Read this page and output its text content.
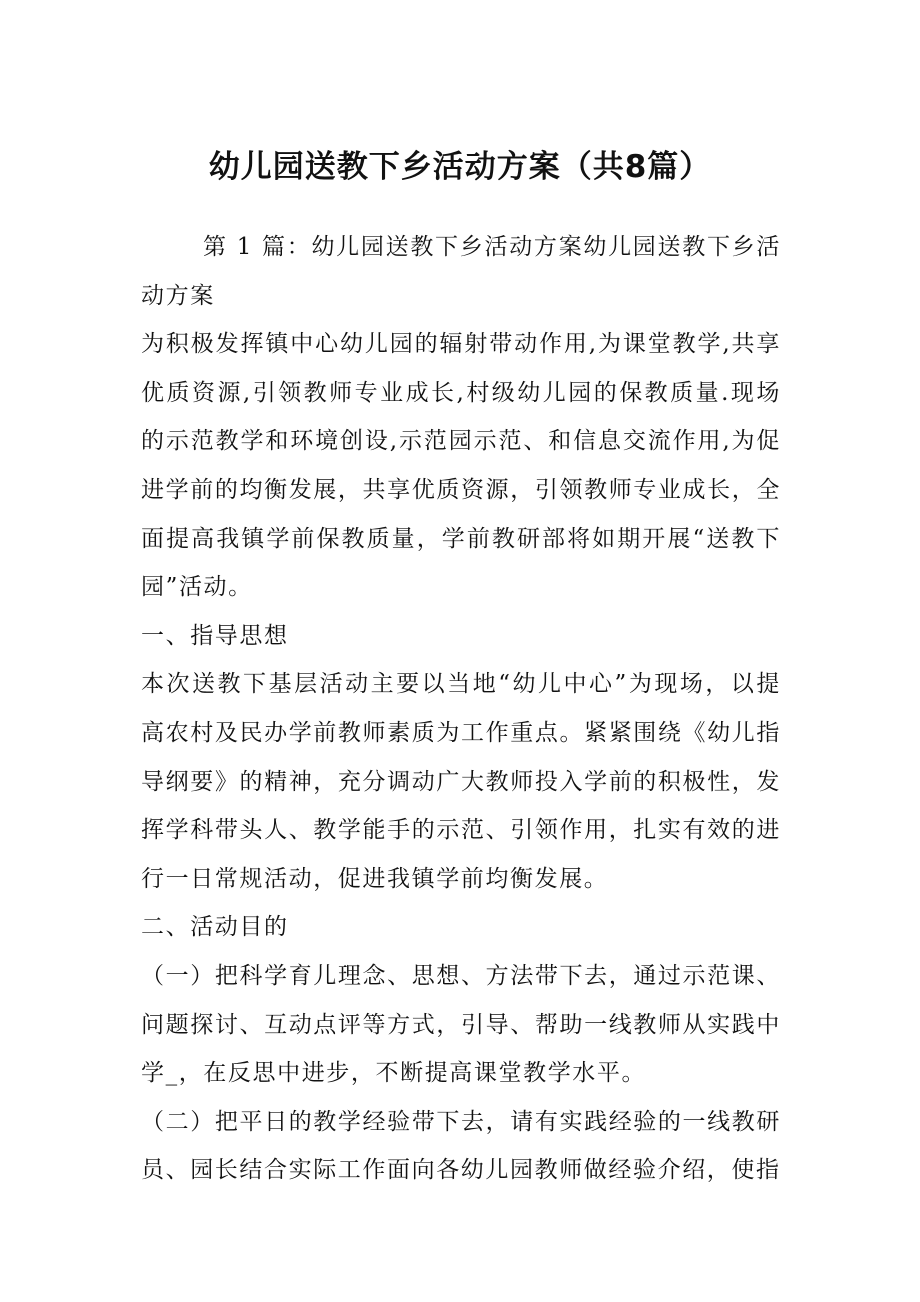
幼儿园送教下乡活动方案（共8篇）

第 1 篇：幼儿园送教下乡活动方案幼儿园送教下乡活动方案

为积极发挥镇中心幼儿园的辐射带动作用,为课堂教学,共享优质资源,引领教师专业成长,村级幼儿园的保教质量.现场的示范教学和环境创设,示范园示范、和信息交流作用,为促进学前的均衡发展，共享优质资源，引领教师专业成长，全面提高我镇学前保教质量，学前教研部将如期开展“送教下园”活动。

一、指导思想

本次送教下基层活动主要以当地“幼儿中心”为现场，以提高农村及民办学前教师素质为工作重点。紧紧围绕《幼儿指导纲要》的精神，充分调动广大教师投入学前的积极性，发挥学科带头人、教学能手的示范、引领作用，扎实有效的进行一日常规活动，促进我镇学前均衡发展。

二、活动目的

（一）把科学育儿理念、思想、方法带下去，通过示范课、问题探讨、互动点评等方式，引导、帮助一线教师从实践中学_，在反思中进步，不断提高课堂教学水平。

（二）把平日的教学经验带下去，请有实践经验的一线教研员、园长结合实际工作面向各幼儿园教师做经验介绍，使指
